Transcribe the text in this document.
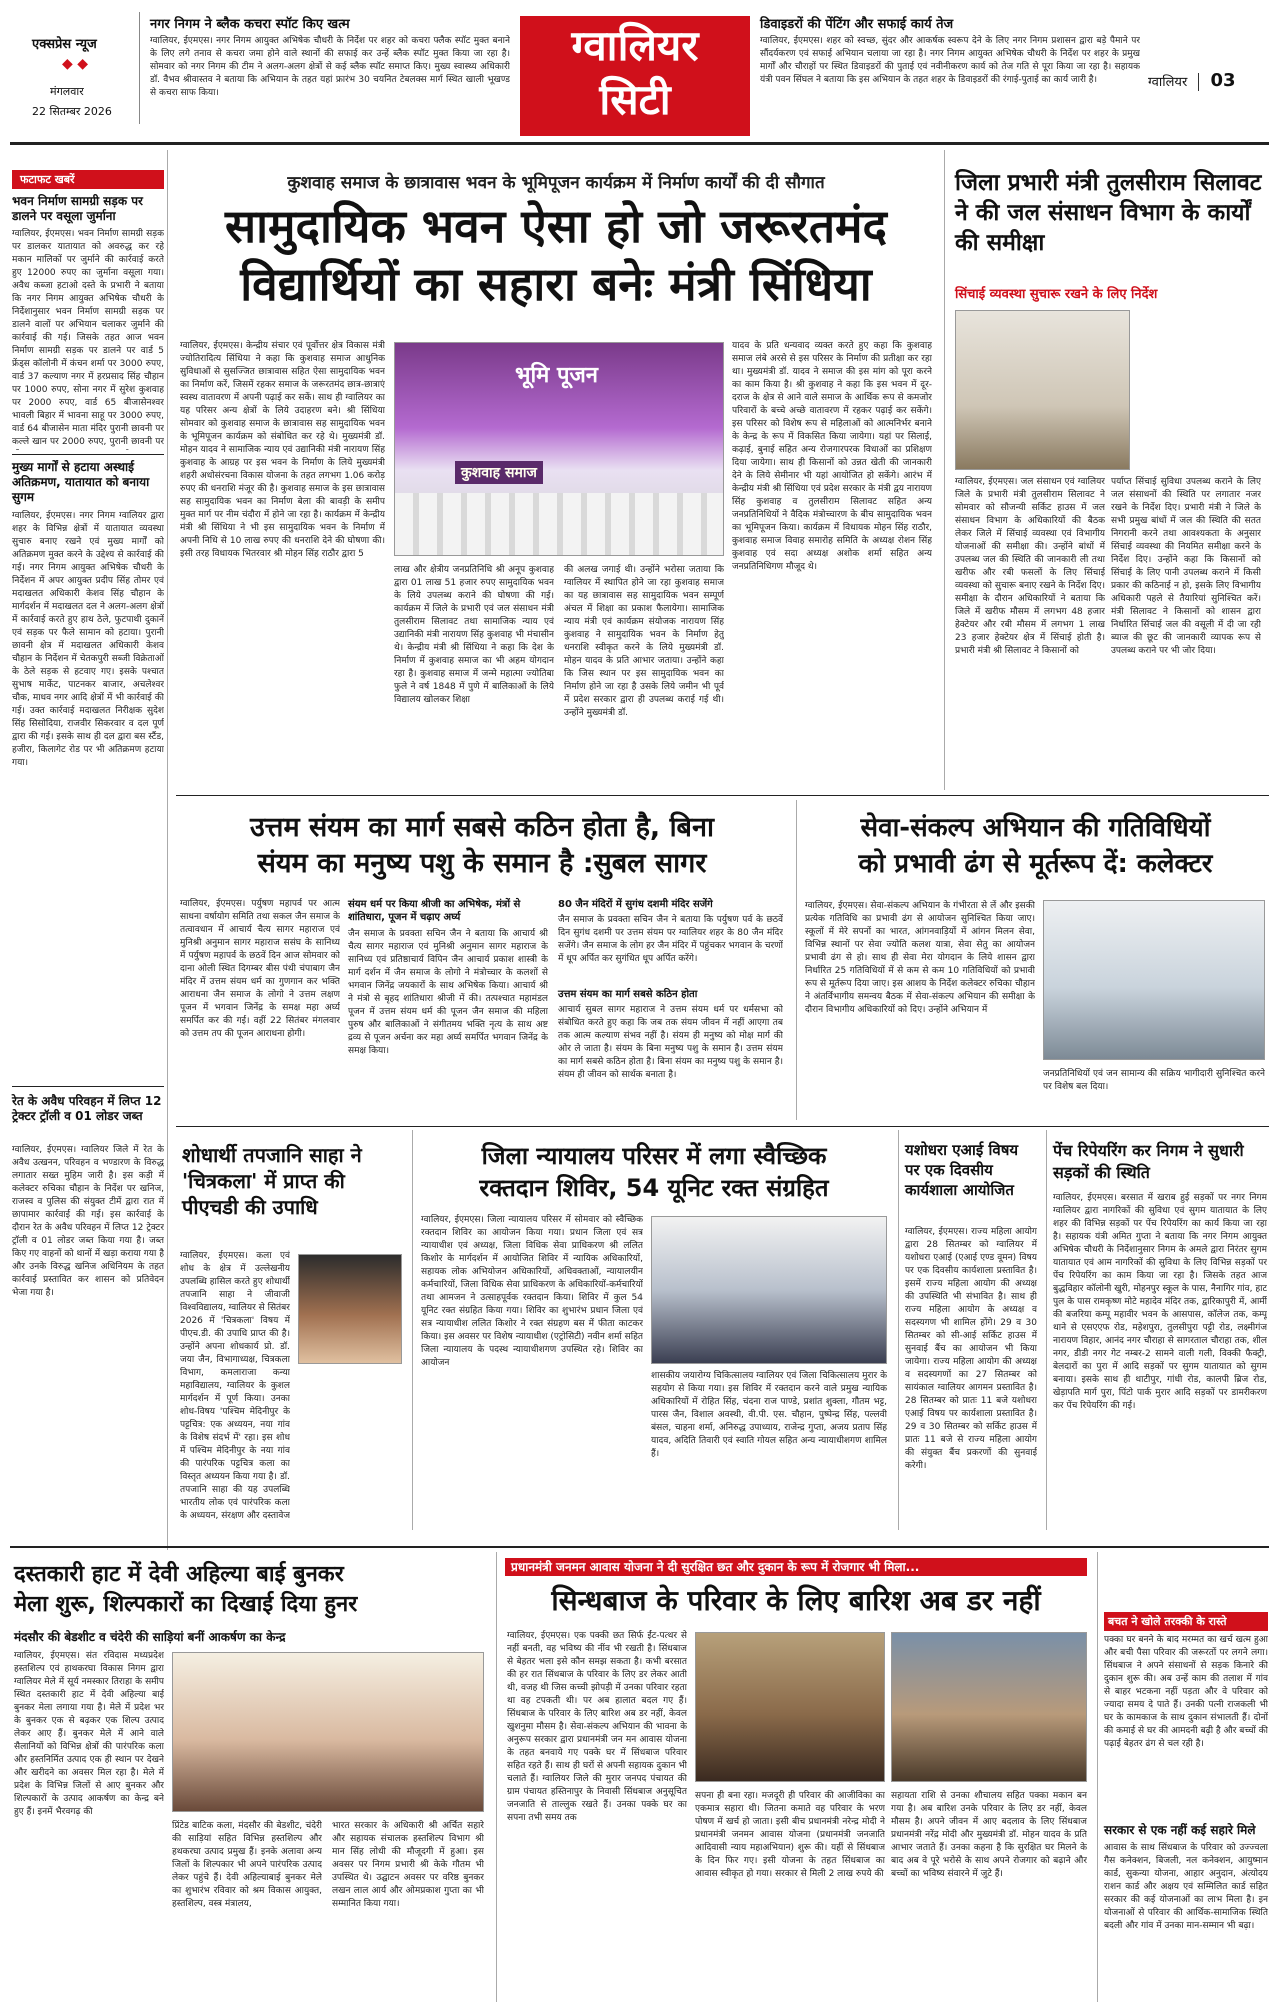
एक्सप्रेस न्यूज
◆ ◆
मंगलवार
22 सितम्बर 2026
नगर निगम ने ब्लैक कचरा स्पॉट किए खत्म
ग्वालियर, ईएमएस। नगर निगम आयुक्त अभिषेक चौधरी के निर्देश पर शहर को कचरा फ्लैक स्पॉट मुक्त बनाने के लिए लगे तनाव से कचरा जमा होने वाले स्थानों की सफाई कर उन्हें ब्लैक स्पॉट मुक्त किया जा रहा है। सोमवार को नगर निगम की टीम ने अलग-अलग क्षेत्रों से कई ब्लैक स्पॉट समाप्त किए। मुख्य स्वास्थ्य अधिकारी डॉ. वैभव श्रीवास्तव ने बताया कि अभियान के तहत यहां फ्रारंभ 30 चयनित टेबलक्स मार्ग स्थित खाली भूखण्ड से कचरा साफ किया।
ग्वालियर
सिटी
डिवाइडरों की पेंटिंग और सफाई कार्य तेज
ग्वालियर, ईएमएस। शहर को स्वच्छ, सुंदर और आकर्षक स्वरूप देने के लिए नगर निगम प्रशासन द्वारा बड़े पैमाने पर सौंदर्यकरण एवं सफाई अभियान चलाया जा रहा है। नगर निगम आयुक्त अभिषेक चौधरी के निर्देश पर शहर के प्रमुख मार्गों और चौराहों पर स्थित डिवाइडरों की पुताई एवं नवीनीकरण कार्य को तेज गति से पूरा किया जा रहा है। सहायक यंत्री पवन सिंघल ने बताया कि इस अभियान के तहत शहर के डिवाइडरों की रंगाई-पुताई का कार्य जारी है।	ग्वालियर 03
फटाफट खबरें
भवन निर्माण सामग्री सड़क पर डालने पर वसूला जुर्माना
ग्वालियर, ईएमएस। भवन निर्माण सामग्री सड़क पर डालकर यातायात को अवरुद्ध कर रहे मकान मालिकों पर जुर्माने की कार्रवाई करते हुए 12000 रुपए का जुर्माना वसूला गया। अवैध कब्जा हटाओ दस्ते के प्रभारी ने बताया कि नगर निगम आयुक्त अभिषेक चौधरी के निर्देशानुसार भवन निर्माण सामग्री सड़क पर डालने वालों पर अभियान चलाकर जुर्माने की कार्रवाई की गई। जिसके तहत आज भवन निर्माण सामग्री सड़क पर डालने पर वार्ड 5 फ्रेंड्स कॉलोनी में कंचन शर्मा पर 3000 रुपए, वार्ड 37 कल्याण नगर में हरप्रसाद सिंह चौहान पर 1000 रुपए, सोना नगर में सुरेश कुशवाह पर 2000 रुपए, वार्ड 65 बीजासेनश्वर भावली बिहार में भावना साहू पर 3000 रुपए, वार्ड 64 बीजासेन माता मंदिर पुरानी छावनी पर कल्ले खान पर 2000 रुपए, पुरानी छावनी पर
मुख्य मार्गों से हटाया अस्थाई अतिक्रमण, यातायात को बनाया सुगम
ग्वालियर, ईएमएस। नगर निगम ग्वालियर द्वारा शहर के विभिन्न क्षेत्रों में यातायात व्यवस्था सुचारु बनाए रखने एवं मुख्य मार्गों को अतिक्रमण मुक्त करने के उद्देश्य से कार्रवाई की गई। नगर निगम आयुक्त अभिषेक चौधरी के निर्देशन में अपर आयुक्त प्रदीप सिंह तोमर एवं मदाखलत अधिकारी केशव सिंह चौहान के मार्गदर्शन में मदाखलत दल ने अलग-अलग क्षेत्रों में कार्रवाई करते हुए हाथ ठेले, फुटपाथी दुकानें एवं सड़क पर फैले सामान को हटाया। पुरानी छावनी क्षेत्र में मदाखलत अधिकारी केशव चौहान के निर्देशन में चेतकपुरी सब्जी विक्रेताओं के ठेले सड़क से हटवाए गए। इसके पश्चात सुभाष मार्केट, पाटनकर बाजार, अचलेश्वर चौक, माधव नगर आदि क्षेत्रों में भी कार्रवाई की गई। उक्त कार्रवाई मदाखलत निरीक्षक सुदेश सिंह सिसोदिया, राजवीर सिकरवार व दल पूर्ण द्वारा की गई। इसके साथ ही दल द्वारा बस स्टैंड, हजीरा, किलागेट रोड पर भी अतिक्रमण हटाया गया।
रेत के अवैध परिवहन में लिप्त 12 ट्रेक्टर ट्रॉली व 01 लोडर जब्त
ग्वालियर, ईएमएस। ग्वालियर जिले में रेत के अवैध उत्खनन, परिवहन व भण्डारण के विरुद्ध लगातार सख्त मुहिम जारी है। इस कड़ी में कलेक्टर रुचिका चौहान के निर्देश पर खनिज, राजस्व व पुलिस की संयुक्त टीमें द्वारा रात में छापामार कार्रवाई की गई। इस कार्रवाई के दौरान रेत के अवैध परिवहन में लिप्त 12 ट्रेक्टर ट्रॉली व 01 लोडर जब्त किया गया है। जब्त किए गए वाहनों को थानों में खड़ा कराया गया है और उनके विरुद्ध खनिज अधिनियम के तहत कार्रवाई प्रस्तावित कर शासन को प्रतिवेदन भेजा गया है।
कुशवाह समाज के छात्रावास भवन के भूमिपूजन कार्यक्रम में निर्माण कार्यों की दी सौगात
सामुदायिक भवन ऐसा हो जो जरूरतमंद
विद्यार्थियों का सहारा बनेः मंत्री सिंधिया
ग्वालियर, ईएमएस। केन्द्रीय संचार एवं पूर्वोत्तर क्षेत्र विकास मंत्री ज्योतिरादित्य सिंधिया ने कहा कि कुशवाह समाज आधुनिक सुविधाओं से सुसज्जित छात्रावास सहित ऐसा सामुदायिक भवन का निर्माण करें, जिसमें रहकर समाज के जरूरतमंद छात्र-छात्राएं स्वस्थ वातावरण में अपनी पढ़ाई कर सकें। साथ ही ग्वालियर का यह परिसर अन्य क्षेत्रों के लिये उदाहरण बने। श्री सिंधिया सोमवार को कुशवाह समाज के छात्रावास सह सामुदायिक भवन के भूमिपूजन कार्यक्रम को संबोधित कर रहे थे। मुख्यमंत्री डॉ. मोहन यादव ने सामाजिक न्याय एवं उद्यानिकी मंत्री नारायण सिंह कुशवाह के आग्रह पर इस भवन के निर्माण के लिये मुख्यमंत्री शहरी अधोसंरचना विकास योजना के तहत लगभग 1.06 करोड़ रुपए की धनराशि मंजूर की है। कुशवाह समाज के इस छात्रावास सह सामुदायिक भवन का निर्माण बेला की बावड़ी के समीप मुक्त मार्ग पर नीम चंदौरा में होने जा रहा है। कार्यक्रम में केन्द्रीय मंत्री श्री सिंधिया ने भी इस सामुदायिक भवन के निर्माण में अपनी निधि से 10 लाख रुपए की धनराशि देने की घोषणा की। इसी तरह विधायक भितरवार श्री मोहन सिंह राठौर द्वारा 5
भूमि पूजन
कुशवाह समाज
लाख और क्षेत्रीय जनप्रतिनिधि श्री अनूप कुशवाह द्वारा 01 लाख 51 हजार रुपए सामुदायिक भवन के लिये उपलब्ध कराने की घोषणा की गई। कार्यक्रम में जिले के प्रभारी एवं जल संसाधन मंत्री तुलसीराम सिलावट तथा सामाजिक न्याय एवं उद्यानिकी मंत्री नारायण सिंह कुशवाह भी मंचासीन थे। केन्द्रीय मंत्री श्री सिंधिया ने कहा कि देश के निर्माण में कुशवाह समाज का भी अहम योगदान रहा है। कुशवाह समाज में जन्मे महात्मा ज्योतिबा फुले ने वर्ष 1848 में पुणे में बालिकाओं के लिये विद्यालय खोलकर शिक्षा
की अलख जगाई थी। उन्होंने भरोसा जताया कि ग्वालियर में स्थापित होने जा रहा कुशवाह समाज का यह छात्रावास सह सामुदायिक भवन सम्पूर्ण अंचल में शिक्षा का प्रकाश फैलायेगा। सामाजिक न्याय मंत्री एवं कार्यक्रम संयोजक नारायण सिंह कुशवाह ने सामुदायिक भवन के निर्माण हेतु धनराशि स्वीकृत करने के लिये मुख्यमंत्री डॉ. मोहन यादव के प्रति आभार जताया। उन्होंने कहा कि जिस स्थान पर इस सामुदायिक भवन का निर्माण होने जा रहा है उसके लिये जमीन भी पूर्व में प्रदेश सरकार द्वारा ही उपलब्ध कराई गई थी। उन्होंने मुख्यमंत्री डॉ.
यादव के प्रति धन्यवाद व्यक्त करते हुए कहा कि कुशवाह समाज लंबे अरसे से इस परिसर के निर्माण की प्रतीक्षा कर रहा था। मुख्यमंत्री डॉ. यादव ने समाज की इस मांग को पूरा करने का काम किया है। श्री कुशवाह ने कहा कि इस भवन में दूर-दराज के क्षेत्र से आने वाले समाज के आर्थिक रूप से कमजोर परिवारों के बच्चे अच्छे वातावरण में रहकर पढ़ाई कर सकेंगे। इस परिसर को विशेष रूप से महिलाओं को आत्मनिर्भर बनाने के केन्द्र के रूप में विकसित किया जायेगा। यहां पर सिलाई, कढ़ाई, बुनाई सहित अन्य रोजगारपरक विधाओं का प्रशिक्षण दिया जायेगा। साथ ही किसानों को उन्नत खेती की जानकारी देने के लिये सेमीनार भी यहां आयोजित हो सकेंगे। आरंभ में केन्द्रीय मंत्री श्री सिंधिया एवं प्रदेश सरकार के मंत्री द्वय नारायण सिंह कुशवाह व तुलसीराम सिलावट सहित अन्य जनप्रतिनिधियों ने वैदिक मंत्रोच्चारण के बीच सामुदायिक भवन का भूमिपूजन किया। कार्यक्रम में विधायक मोहन सिंह राठौर, कुशवाह समाज विवाह समारोह समिति के अध्यक्ष रोशन सिंह कुशवाह एवं सदा अध्यक्ष अशोक शर्मा सहित अन्य जनप्रतिनिधिगण मौजूद थे।
जिला प्रभारी मंत्री तुलसीराम सिलावट ने की जल संसाधन विभाग के कार्यों की समीक्षा
सिंचाई व्यवस्था सुचारू रखने के लिए निर्देश
ग्वालियर, ईएमएस। जल संसाधन एवं ग्वालियर जिले के प्रभारी मंत्री तुलसीराम सिलावट ने सोमवार को सौजन्यी सर्किट हाउस में जल संसाधन विभाग के अधिकारियों की बैठक लेकर जिले में सिंचाई व्यवस्था एवं विभागीय योजनाओं की समीक्षा की। उन्होंने बांधों में उपलब्ध जल की स्थिति की जानकारी ली तथा खरीफ और रबी फसलों के लिए सिंचाई व्यवस्था को सुचारू बनाए रखने के निर्देश दिए। समीक्षा के दौरान अधिकारियों ने बताया कि जिले में खरीफ मौसम में लगभग 48 हजार हेक्टेयर और रबी मौसम में लगभग 1 लाख 23 हजार हेक्टेयर क्षेत्र में सिंचाई होती है। प्रभारी मंत्री श्री सिलावट ने किसानों को
पर्याप्त सिंचाई सुविधा उपलब्ध कराने के लिए जल संसाधनों की स्थिति पर लगातार नजर रखने के निर्देश दिए। प्रभारी मंत्री ने जिले के सभी प्रमुख बांधों में जल की स्थिति की सतत निगरानी करने तथा आवश्यकता के अनुसार सिंचाई व्यवस्था की नियमित समीक्षा करने के निर्देश दिए। उन्होंने कहा कि किसानों को सिंचाई के लिए पानी उपलब्ध कराने में किसी प्रकार की कठिनाई न हो, इसके लिए विभागीय अधिकारी पहले से तैयारियां सुनिश्चित करें। मंत्री सिलावट ने किसानों को शासन द्वारा निर्धारित सिंचाई जल की वसूली में दी जा रही ब्याज की छूट की जानकारी व्यापक रूप से उपलब्ध कराने पर भी जोर दिया।
उत्तम संयम का मार्ग सबसे कठिन होता है, बिना
संयम का मनुष्य पशु के समान है :सुबल सागर
ग्वालियर, ईएमएस। पर्युषण महापर्व पर आत्म साधना वर्षायोग समिति तथा सकल जैन समाज के तत्वावधान में आचार्य चैत्य सागर महाराज एवं मुनिश्री अनुमान सागर महाराज ससंघ के सानिध्य में पर्युषण महापर्व के छठवें दिन आज सोमवार को दाना ओली स्थित दिगम्बर बीस पंथी चंपाबाग जैन मंदिर में उत्तम संयम धर्म का गुणगान कर भक्ति आराधना जैन समाज के लोगो ने उत्तम लक्षण पूजन में भगवान जिनेंद्र के समक्ष महा अर्घ्य समर्पित कर की गई। वहीं 22 सितंबर मंगलवार को उत्तम तप की पूजन आराधना होगी।
संयम धर्म पर किया श्रीजी का अभिषेक, मंत्रों से शांतिधारा, पूजन में चढ़ाए अर्घ्य
जैन समाज के प्रवक्ता सचिन जैन ने बताया कि आचार्य श्री चैत्य सागर महाराज एवं मुनिश्री अनुमान सागर महाराज के सानिध्य एवं प्रतिष्ठाचार्य विपिन जैन आचार्य प्रकाश शास्त्री के मार्ग दर्शन में जैन समाज के लोगो ने मंत्रोच्चार के कलशों से भगवान जिनेंद्र जयकारों के साथ अभिषेक किया। आचार्य श्री ने मंत्रो से बृहद शांतिधारा श्रीजी में की। तत्पश्चात महामंडल पूजन में उत्तम संयम धर्म की पूजन जैन समाज की महिला पुरुष और बालिकाओं ने संगीतमय भक्ति नृत्य के साथ अष्ट द्रव्य से पूजन अर्चना कर महा अर्घ्य समर्पित भगवान जिनेंद्र के समक्ष किया।
80 जैन मंदिरों में सुगंध दशमी मंदिर सजेंगे
जैन समाज के प्रवक्ता सचिन जैन ने बताया कि पर्युषण पर्व के छठवें दिन सुगंध दशमी पर उत्तम संयम पर ग्वालियर शहर के 80 जैन मंदिर सजेंगे। जैन समाज के लोग हर जैन मंदिर में पहुंचकर भगवान के चरणों में धूप अर्पित कर सुगंधित धूप अर्पित करेंगे।
उत्तम संयम का मार्ग सबसे कठिन होता
आचार्य सुबल सागर महाराज ने उत्तम संयम धर्म पर धर्मसभा को संबोधित करते हुए कहा कि जब तक संयम जीवन में नहीं आएगा तब तक आत्म कल्याण संभव नहीं है। संयम ही मनुष्य को मोक्ष मार्ग की ओर ले जाता है। संयम के बिना मनुष्य पशु के समान है। उत्तम संयम का मार्ग सबसे कठिन होता है। बिना संयम का मनुष्य पशु के समान है। संयम ही जीवन को सार्थक बनाता है।
सेवा-संकल्प अभियान की गतिविधियों
को प्रभावी ढंग से मूर्तरूप दें: कलेक्टर
ग्वालियर, ईएमएस। सेवा-संकल्प अभियान के गंभीरता से लें और इसकी प्रत्येक गतिविधि का प्रभावी ढंग से आयोजन सुनिश्चित किया जाए। स्कूलों में मेरे सपनों का भारत, आंगनवाड़ियों में आंगन मिलन सेवा, विभिन्न स्थानों पर सेवा ज्योति कलश यात्रा, सेवा सेतु का आयोजन प्रभावी ढंग से हो। साथ ही सेवा मेरा योगदान के लिये शासन द्वारा निर्धारित 25 गतिविधियों में से कम से कम 10 गतिविधियों को प्रभावी रूप से मूर्तरूप दिया जाए। इस आशय के निर्देश कलेक्टर रुचिका चौहान ने अंतर्विभागीय समन्वय बैठक में सेवा-संकल्प अभियान की समीक्षा के दौरान विभागीय अधिकारियों को दिए। उन्होंने अभियान में
जनप्रतिनिधियों एवं जन सामान्य की सक्रिय भागीदारी सुनिश्चित करने पर विशेष बल दिया।
शोधार्थी तपजानि साहा ने 'चित्रकला' में प्राप्त की पीएचडी की उपाधि
ग्वालियर, ईएमएस। कला एवं शोध के क्षेत्र में उल्लेखनीय उपलब्धि हासिल करते हुए शोधार्थी तपजानि साहा ने जीवाजी विश्वविद्यालय, ग्वालियर से सितंबर 2026 में 'चित्रकला' विषय में पीएच.डी. की उपाधि प्राप्त की है। उन्होंने अपना शोधकार्य प्रो. डॉ. जया जैन, विभागाध्यक्ष, चित्रकला विभाग, कमलाराजा कन्या महाविद्यालय, ग्वालियर के कुशल मार्गदर्शन में पूर्ण किया। उनका शोध-विषय 'पश्चिम मेदिनीपुर के पट्टचित्र: एक अध्ययन, नया गांव के विशेष संदर्भ में' रहा। इस शोध में पश्चिम मेदिनीपुर के नया गांव की पारंपरिक पट्टचित्र कला का विस्तृत अध्ययन किया गया है। डॉ. तपजानि साहा की यह उपलब्धि भारतीय लोक एवं पारंपरिक कला के अध्ययन, संरक्षण और दस्तावेज
जिला न्यायालय परिसर में लगा स्वैच्छिक
रक्तदान शिविर, 54 यूनिट रक्त संग्रहित
ग्वालियर, ईएमएस। जिला न्यायालय परिसर में सोमवार को स्वैच्छिक रक्तदान शिविर का आयोजन किया गया। प्रधान जिला एवं सत्र न्यायाधीश एवं अध्यक्ष, जिला विधिक सेवा प्राधिकरण श्री ललित किशोर के मार्गदर्शन में आयोजित शिविर में न्यायिक अधिकारियों, सहायक लोक अभियोजन अधिकारियों, अधिवक्ताओं, न्यायालयीन कर्मचारियों, जिला विधिक सेवा प्राधिकरण के अधिकारियों-कर्मचारियों तथा आमजन ने उत्साहपूर्वक रक्तदान किया। शिविर में कुल 54 यूनिट रक्त संग्रहित किया गया। शिविर का शुभारंभ प्रधान जिला एवं सत्र न्यायाधीश ललित किशोर ने रक्त संग्रहण बस में फीता काटकर किया। इस अवसर पर विशेष न्यायाधीश (एट्रोसिटी) नवीन शर्मा सहित जिला न्यायालय के पदस्थ न्यायाधीशगण उपस्थित रहे। शिविर का आयोजन
शासकीय जयारोग्य चिकित्सालय ग्वालियर एवं जिला चिकित्सालय मुरार के सहयोग से किया गया। इस शिविर में रक्तदान करने वाले प्रमुख न्यायिक अधिकारियों में रोहित सिंह, चंदना राज पाण्डे, प्रशांत शुक्ला, गौतम भट्ट, पारस जैन, विशाल अवस्थी, वी.पी. एस. चौहान, पुष्पेन्द्र सिंह, पल्लवी बंसल, चाहना शर्मा, अनिरुद्ध उपाध्याय, राजेन्द्र गुप्ता, अजय प्रताप सिंह यादव, अदिति तिवारी एवं स्वाति गोयल सहित अन्य न्यायाधीशगण शामिल हैं।
यशोधरा एआई विषय पर एक दिवसीय कार्यशाला आयोजित
ग्वालियर, ईएमएस। राज्य महिला आयोग द्वारा 28 सितम्बर को ग्वालियर में यशोधरा एआई (एआई एण्ड वूमन) विषय पर एक दिवसीय कार्यशाला प्रस्तावित है। इसमें राज्य महिला आयोग की अध्यक्ष की उपस्थिति भी संभावित है। साथ ही राज्य महिला आयोग के अध्यक्ष व सदस्यगण भी शामिल होंगे। 29 व 30 सितम्बर को सी-आई सर्किट हाउस में सुनवाई बैंच का आयोजन भी किया जायेगा। राज्य महिला आयोग की अध्यक्ष व सदस्यगणों का 27 सितम्बर को सायंकाल ग्वालियर आगमन प्रस्तावित है। 28 सितम्बर को प्रातः 11 बजे यशोधरा एआई विषय पर कार्यशाला प्रस्तावित है। 29 व 30 सितम्बर को सर्किट हाउस में प्रातः 11 बजे से राज्य महिला आयोग की संयुक्त बैंच प्रकरणों की सुनवाई करेगी।
पेंच रिपेयरिंग कर निगम ने सुधारी सड़कों की स्थिति
ग्वालियर, ईएमएस। बरसात में खराब हुई सड़कों पर नगर निगम ग्वालियर द्वारा नागरिकों की सुविधा एवं सुगम यातायात के लिए शहर की विभिन्न सड़कों पर पेंच रिपेयरिंग का कार्य किया जा रहा है। सहायक यंत्री अमित गुप्ता ने बताया कि नगर निगम आयुक्त अभिषेक चौधरी के निर्देशानुसार निगम के अमले द्वारा निरंतर सुगम यातायात एवं आम नागरिकों की सुविधा के लिए विभिन्न सड़कों पर पेंच रिपेयरिंग का काम किया जा रहा है। जिसके तहत आज बुद्धविहार कॉलोनी खुरी, मोहनपुर स्कूल के पास, नैनागिर गांव, हाट पुल के पास रामकृष्ण मोटे महादेव मंदिर तक, द्वारिकापुरी में, आर्मी की बजरिया कम्पू महावीर भवन के आसपास, कॉलेज तक, कम्पू थाने से एसएएफ रोड, महेशपुरा, तुलसीपुरा पट्टी रोड, लक्ष्मीगंज नारायण विहार, आनंद नगर चौराहा से सागरताल चौराहा तक, शील नगर, डीडी नगर गेट नम्बर-2 सामने वाली गली, विक्की फैक्ट्री, बेलदारों का पुरा में आदि सड़कों पर सुगम यातायात को सुगम बनाया। इसके साथ ही थाटीपुर, गांधी रोड, कालपी ब्रिज रोड, खेड़ापति मार्ग पुरा, पिंटो पार्क मुरार आदि सड़कों पर डामरीकरण कर पेंच रिपेयरिंग की गई।
दस्तकारी हाट में देवी अहिल्या बाई बुनकर
मेला शुरू, शिल्पकारों का दिखाई दिया हुनर
मंदसौर की बेडशीट व चंदेरी की साड़ियां बनीं आकर्षण का केन्द्र
ग्वालियर, ईएमएस। संत रविदास मध्यप्रदेश हस्तशिल्प एवं हाथकरघा विकास निगम द्वारा ग्वालियर मेले में सूर्य नमस्कार तिराहा के समीप स्थित दस्तकारी हाट में देवी अहिल्या बाई बुनकर मेला लगाया गया है। मेले में प्रदेश भर के बुनकर एक से बढ़कर एक शिल्प उत्पाद लेकर आए हैं। बुनकर मेले में आने वाले सैलानियों को विभिन्न क्षेत्रों की पारंपरिक कला और हस्तनिर्मित उत्पाद एक ही स्थान पर देखने और खरीदने का अवसर मिल रहा है। मेले में प्रदेश के विभिन्न जिलों से आए बुनकर और शिल्पकारों के उत्पाद आकर्षण का केन्द्र बने हुए हैं। इनमें भैरवगढ़ की
प्रिंटेड बाटिक कला, मंदसौर की बेडशीट, चंदेरी की साड़ियां सहित विभिन्न हस्तशिल्प और हथकरघा उत्पाद प्रमुख हैं। इनके अलावा अन्य जिलों के शिल्पकार भी अपने पारंपरिक उत्पाद लेकर पहुंचे हैं। देवी अहिल्याबाई बुनकर मेले का शुभारंभ रविवार को श्रम विकास आयुक्त, हस्तशिल्प, वस्त्र मंत्रालय,
भारत सरकार के अधिकारी श्री अर्चित सहारे और सहायक संचालक हस्तशिल्प विभाग श्री मान सिंह लोधी की मौजूदगी में हुआ। इस अवसर पर निगम प्रभारी श्री केके गौतम भी उपस्थित थे। उद्घाटन अवसर पर वरिष्ठ बुनकर लखन लाल आर्य और ओमप्रकाश गुप्ता का भी सम्मानित किया गया।
प्रधानमंत्री जनमन आवास योजना ने दी सुरक्षित छत और दुकान के रूप में रोजगार भी मिला...
सिन्धबाज के परिवार के लिए बारिश अब डर नहीं
ग्वालियर, ईएमएस। एक पक्की छत सिर्फ ईंट-पत्थर से नहीं बनती, वह भविष्य की नींव भी रखती है। सिंधबाज से बेहतर भला इसे कौन समझ सकता है। कभी बरसात की हर रात सिंधबाज के परिवार के लिए डर लेकर आती थी, वजह थी जिस कच्ची झोपड़ी में उनका परिवार रहता था वह टपकती थी। पर अब हालात बदल गए हैं। सिंधबाज के परिवार के लिए बारिश अब डर नहीं, केवल खुशनुमा मौसम है। सेवा-संकल्प अभियान की भावना के अनुरूप सरकार द्वारा प्रधानमंत्री जन मन आवास योजना के तहत बनवाये गए पक्के घर में सिंधबाज परिवार सहित रहते हैं। साथ ही घरों से अपनी सहायक दुकान भी चलाते हैं। ग्वालियर जिले की मुरार जनपद पंचायत की ग्राम पंचायत हस्तिनापुर के निवासी सिंधबाज अनुसूचित जनजाति से ताल्लुक रखते हैं। उनका पक्के घर का सपना तभी समय तक
सपना ही बना रहा। मजदूरी ही परिवार की आजीविका का एकमात्र सहारा थी। जितना कमाते वह परिवार के भरण पोषण में खर्च हो जाता। इसी बीच प्रधानमंत्री नरेन्द्र मोदी ने प्रधानमंत्री जनमन आवास योजना (प्रधानमंत्री जनजाति आदिवासी न्याय महाअभियान) शुरू की। यहीं से सिंधबाज के दिन फिर गए। इसी योजना के तहत सिंधबाज का आवास स्वीकृत हो गया। सरकार से मिली 2 लाख रुपये की
सहायता राशि से उनका शौचालय सहित पक्का मकान बन गया है। अब बारिश उनके परिवार के लिए डर नहीं, केवल मौसम है। अपने जीवन में आए बदलाव के लिए सिंधबाज प्रधानमंत्री नरेंद्र मोदी और मुख्यमंत्री डॉ. मोहन यादव के प्रति आभार जताते हैं। उनका कहना है कि सुरक्षित घर मिलने के बाद अब वे पूरे भरोसे के साथ अपने रोजगार को बढ़ाने और बच्चों का भविष्य संवारने में जुटे हैं।
बचत ने खोले तरक्की के रास्ते
पक्का घर बनने के बाद मरम्मत का खर्च खत्म हुआ और बची पैसा परिवार की जरूरतों पर लगने लगा। सिंधबाज ने अपने संसाधनों से सड़क किनारे की दुकान शुरू की। अब उन्हें काम की तलाश में गांव से बाहर भटकना नहीं पड़ता और वे परिवार को ज्यादा समय दे पाते हैं। उनकी पत्नी राजकली भी घर के कामकाज के साथ दुकान संभालती हैं। दोनों की कमाई से घर की आमदनी बढ़ी है और बच्चों की पढ़ाई बेहतर ढंग से चल रही है।
सरकार से एक नहीं कई सहारे मिले
आवास के साथ सिंधबाज के परिवार को उज्ज्वला गैस कनेक्शन, बिजली, नल कनेक्शन, आयुष्मान कार्ड, सुकन्या योजना, आहार अनुदान, अंत्योदय राशन कार्ड और अक्षय एवं सम्मिलित कार्ड सहित सरकार की कई योजनाओं का लाभ मिला है। इन योजनाओं से परिवार की आर्थिक-सामाजिक स्थिति बदली और गांव में उनका मान-सम्मान भी बढ़ा।
